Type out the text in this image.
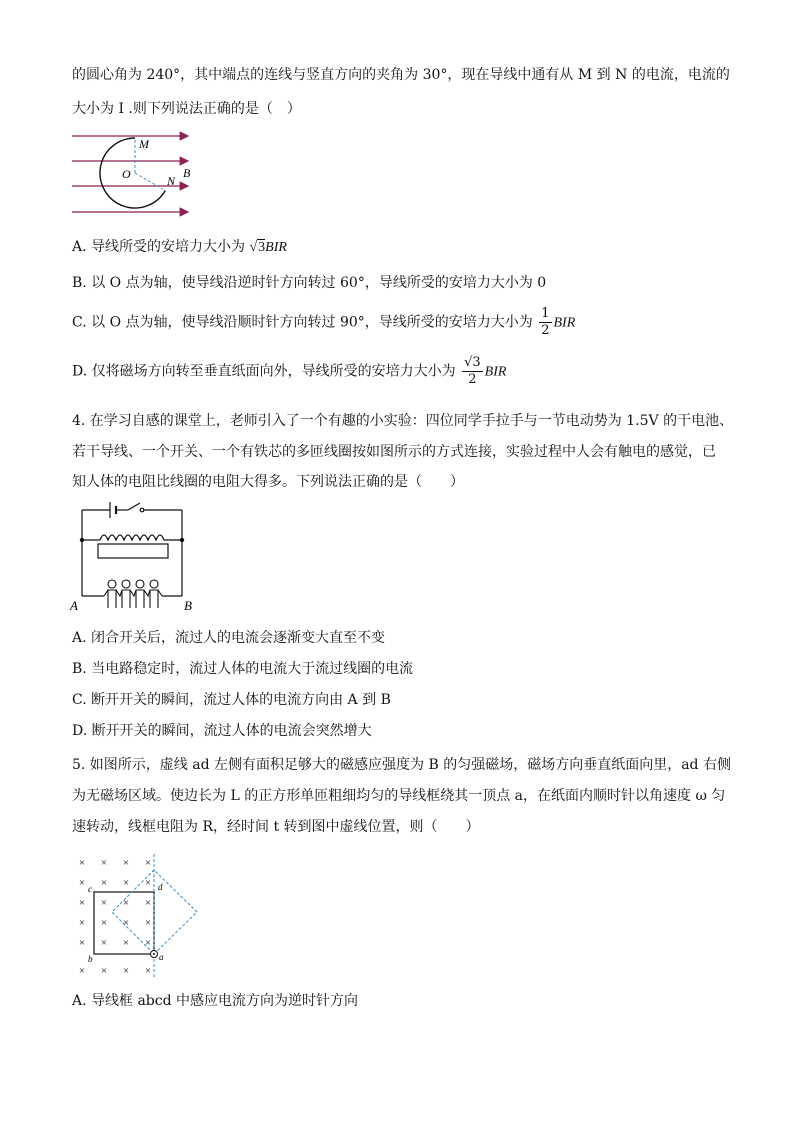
的圆心角为 240°，其中端点的连线与竖直方向的夹角为 30°，现在导线中通有从 M 到 N 的电流，电流的
大小为 I .则下列说法正确的是（　）
M
O	N
B
A. 导线所受的安培力大小为 √3BIR
B. 以 O 点为轴，使导线沿逆时针方向转过 60°，导线所受的安培力大小为 0
C. 以 O 点为轴，使导线沿顺时针方向转过 90°，导线所受的安培力大小为 $\frac{1}{2}$ BIR
D. 仅将磁场方向转至垂直纸面向外，导线所受的安培力大小为 $\frac{√3}{2}$ BIR
4. 在学习自感的课堂上，老师引入了一个有趣的小实验：四位同学手拉手与一节电动势为 1.5V 的干电池、
若干导线、一个开关、一个有铁芯的多匝线圈按如图所示的方式连接，实验过程中人会有触电的感觉，已
知人体的电阻比线圈的电阻大得多。下列说法正确的是（　　）
A	B
A. 闭合开关后，流过人的电流会逐渐变大直至不变
B. 当电路稳定时，流过人体的电流大于流过线圈的电流
C. 断开开关的瞬间，流过人体的电流方向由 A 到 B
D. 断开开关的瞬间，流过人体的电流会突然增大
5. 如图所示，虚线 ad 左侧有面积足够大的磁感应强度为 B 的匀强磁场，磁场方向垂直纸面向里，ad 右侧
为无磁场区域。使边长为 L 的正方形单匝粗细均匀的导线框绕其一顶点 a，在纸面内顺时针以角速度 ω 匀
速转动，线框电阻为 R，经时间 t 转到图中虚线位置，则（　　）
× × × ×
× × × ×
× × × ×
× × × ×
× × × ×
× × × ×
c	d
b	a
A. 导线框 abcd 中感应电流方向为逆时针方向
